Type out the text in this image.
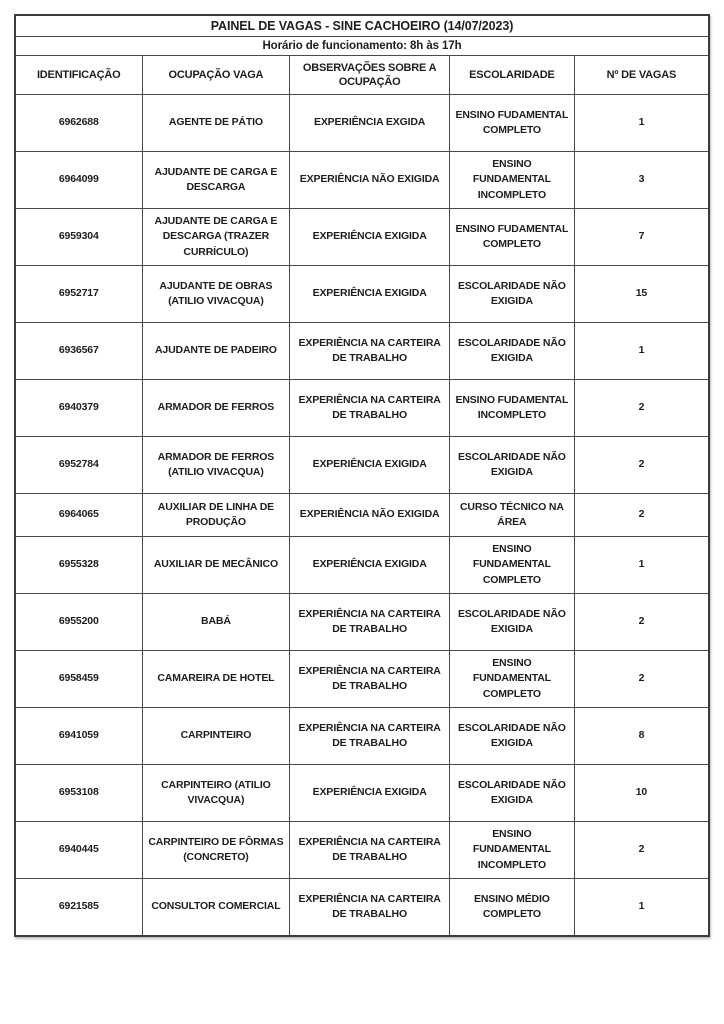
PAINEL DE VAGAS - SINE CACHOEIRO (14/07/2023)				
Horário de funcionamento: 8h às 17h				
IDENTIFICAÇÃO	OCUPAÇÃO VAGA	OBSERVAÇÕES SOBRE A OCUPAÇÃO	ESCOLARIDADE	Nº DE VAGAS
6962688	AGENTE DE PÁTIO	EXPERIÊNCIA EXGIDA	ENSINO FUDAMENTAL COMPLETO	1
6964099	AJUDANTE DE CARGA E DESCARGA	EXPERIÊNCIA NÃO EXIGIDA	ENSINO FUNDAMENTAL INCOMPLETO	3
6959304	AJUDANTE DE CARGA E DESCARGA (TRAZER CURRÍCULO)	EXPERIÊNCIA EXIGIDA	ENSINO FUDAMENTAL COMPLETO	7
6952717	AJUDANTE DE OBRAS (ATILIO VIVACQUA)	EXPERIÊNCIA EXIGIDA	ESCOLARIDADE NÃO EXIGIDA	15
6936567	AJUDANTE DE PADEIRO	EXPERIÊNCIA NA CARTEIRA DE TRABALHO	ESCOLARIDADE NÃO EXIGIDA	1
6940379	ARMADOR DE FERROS	EXPERIÊNCIA NA CARTEIRA DE TRABALHO	ENSINO FUDAMENTAL INCOMPLETO	2
6952784	ARMADOR DE FERROS (ATILIO VIVACQUA)	EXPERIÊNCIA EXIGIDA	ESCOLARIDADE NÃO EXIGIDA	2
6964065	AUXILIAR DE LINHA DE PRODUÇÃO	EXPERIÊNCIA NÃO EXIGIDA	CURSO TÉCNICO NA ÁREA	2
6955328	AUXILIAR DE MECÂNICO	EXPERIÊNCIA EXIGIDA	ENSINO FUNDAMENTAL COMPLETO	1
6955200	BABÁ	EXPERIÊNCIA NA CARTEIRA DE TRABALHO	ESCOLARIDADE NÃO EXIGIDA	2
6958459	CAMAREIRA DE HOTEL	EXPERIÊNCIA NA CARTEIRA DE TRABALHO	ENSINO FUNDAMENTAL COMPLETO	2
6941059	CARPINTEIRO	EXPERIÊNCIA NA CARTEIRA DE TRABALHO	ESCOLARIDADE NÃO EXIGIDA	8
6953108	CARPINTEIRO (ATILIO VIVACQUA)	EXPERIÊNCIA EXIGIDA	ESCOLARIDADE NÃO EXIGIDA	10
6940445	CARPINTEIRO DE FÔRMAS (CONCRETO)	EXPERIÊNCIA NA CARTEIRA DE TRABALHO	ENSINO FUNDAMENTAL INCOMPLETO	2
6921585	CONSULTOR COMERCIAL	EXPERIÊNCIA NA CARTEIRA DE TRABALHO	ENSINO MÉDIO COMPLETO	1
